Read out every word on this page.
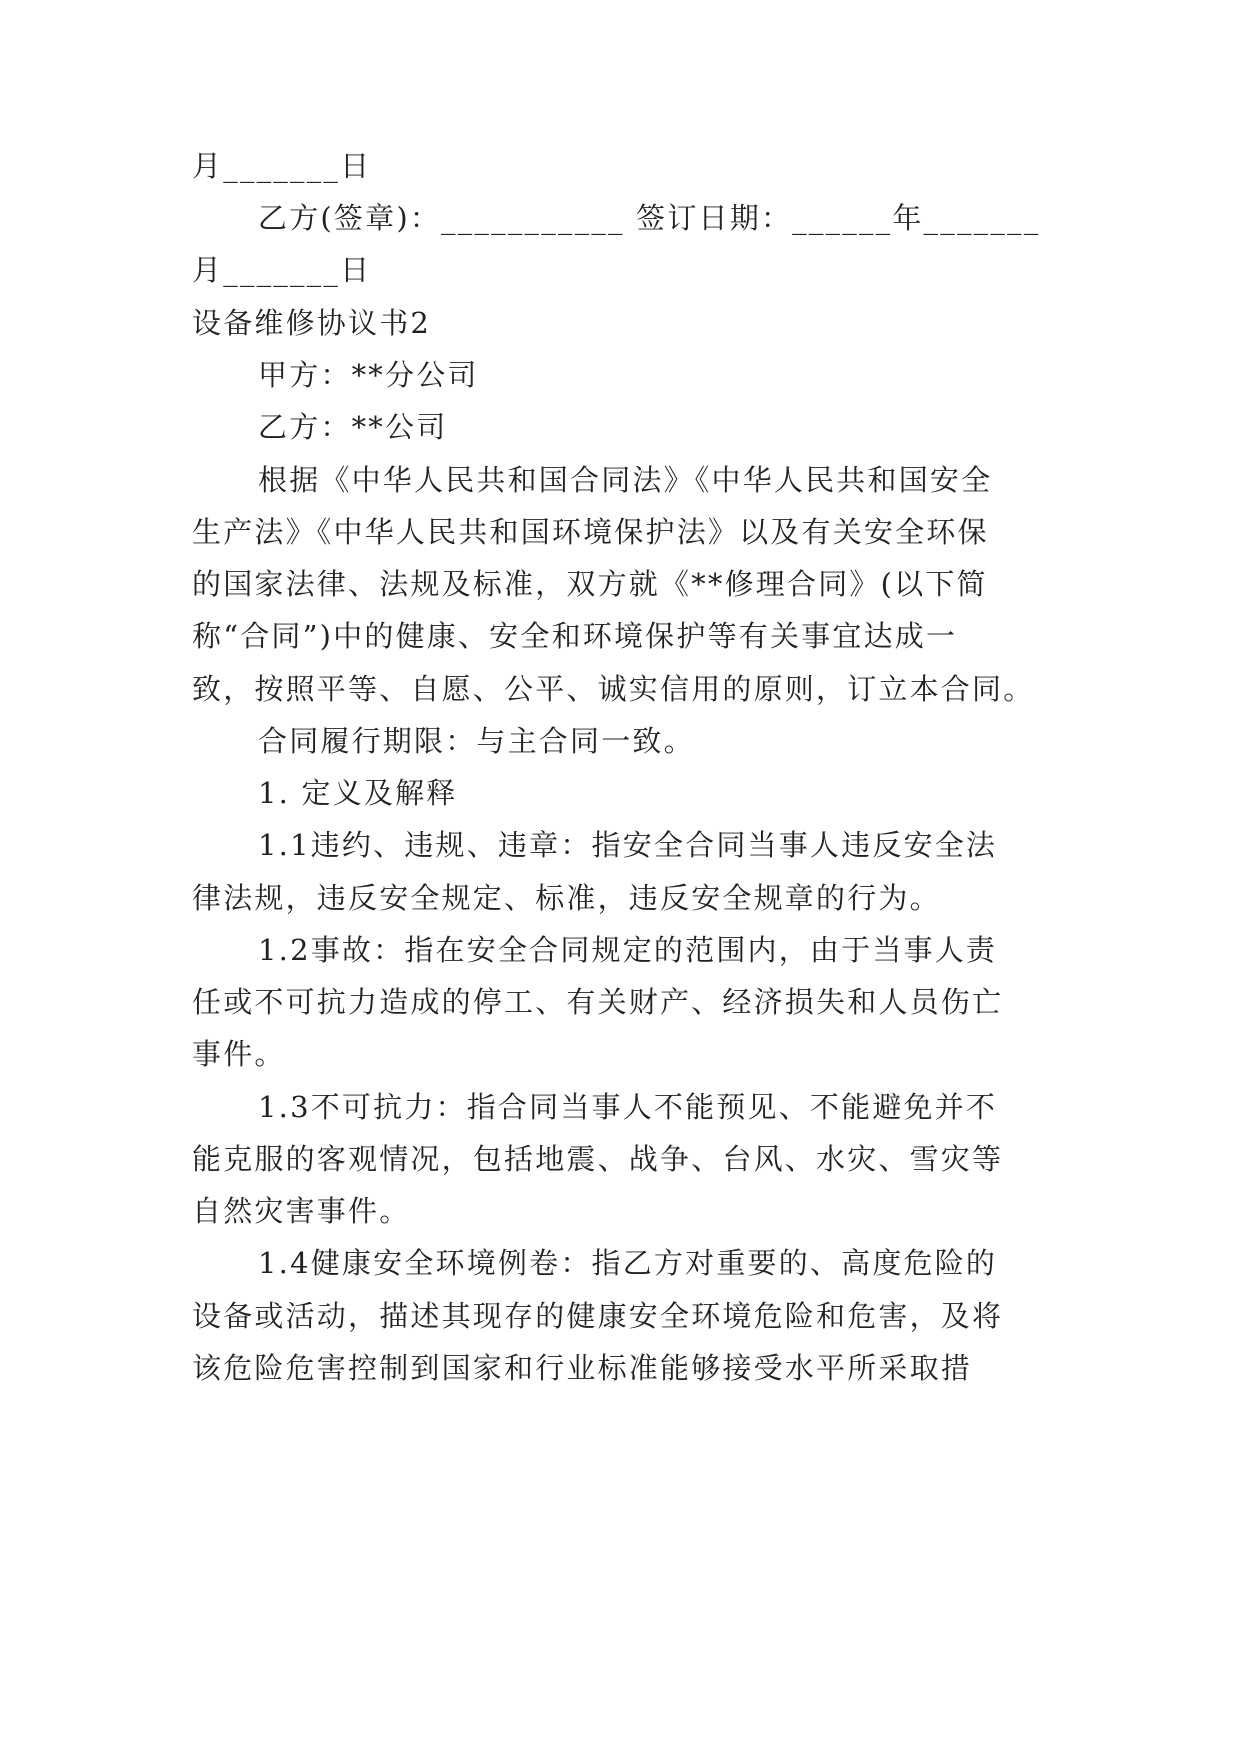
月_______日
乙方(签章)：___________ 签订日期：______年_______
月_______日
设备维修协议书2
甲方：**分公司
乙方：**公司
根据《中华人民共和国合同法》《中华人民共和国安全
生产法》《中华人民共和国环境保护法》以及有关安全环保
的国家法律、法规及标准，双方就《**修理合同》(以下简
称“合同”)中的健康、安全和环境保护等有关事宜达成一
致，按照平等、自愿、公平、诚实信用的原则，订立本合同。
合同履行期限：与主合同一致。
1. 定义及解释
1.1违约、违规、违章：指安全合同当事人违反安全法
律法规，违反安全规定、标准，违反安全规章的行为。
1.2事故：指在安全合同规定的范围内，由于当事人责
任或不可抗力造成的停工、有关财产、经济损失和人员伤亡
事件。
1.3不可抗力：指合同当事人不能预见、不能避免并不
能克服的客观情况，包括地震、战争、台风、水灾、雪灾等
自然灾害事件。
1.4健康安全环境例卷：指乙方对重要的、高度危险的
设备或活动，描述其现存的健康安全环境危险和危害，及将
该危险危害控制到国家和行业标准能够接受水平所采取措
